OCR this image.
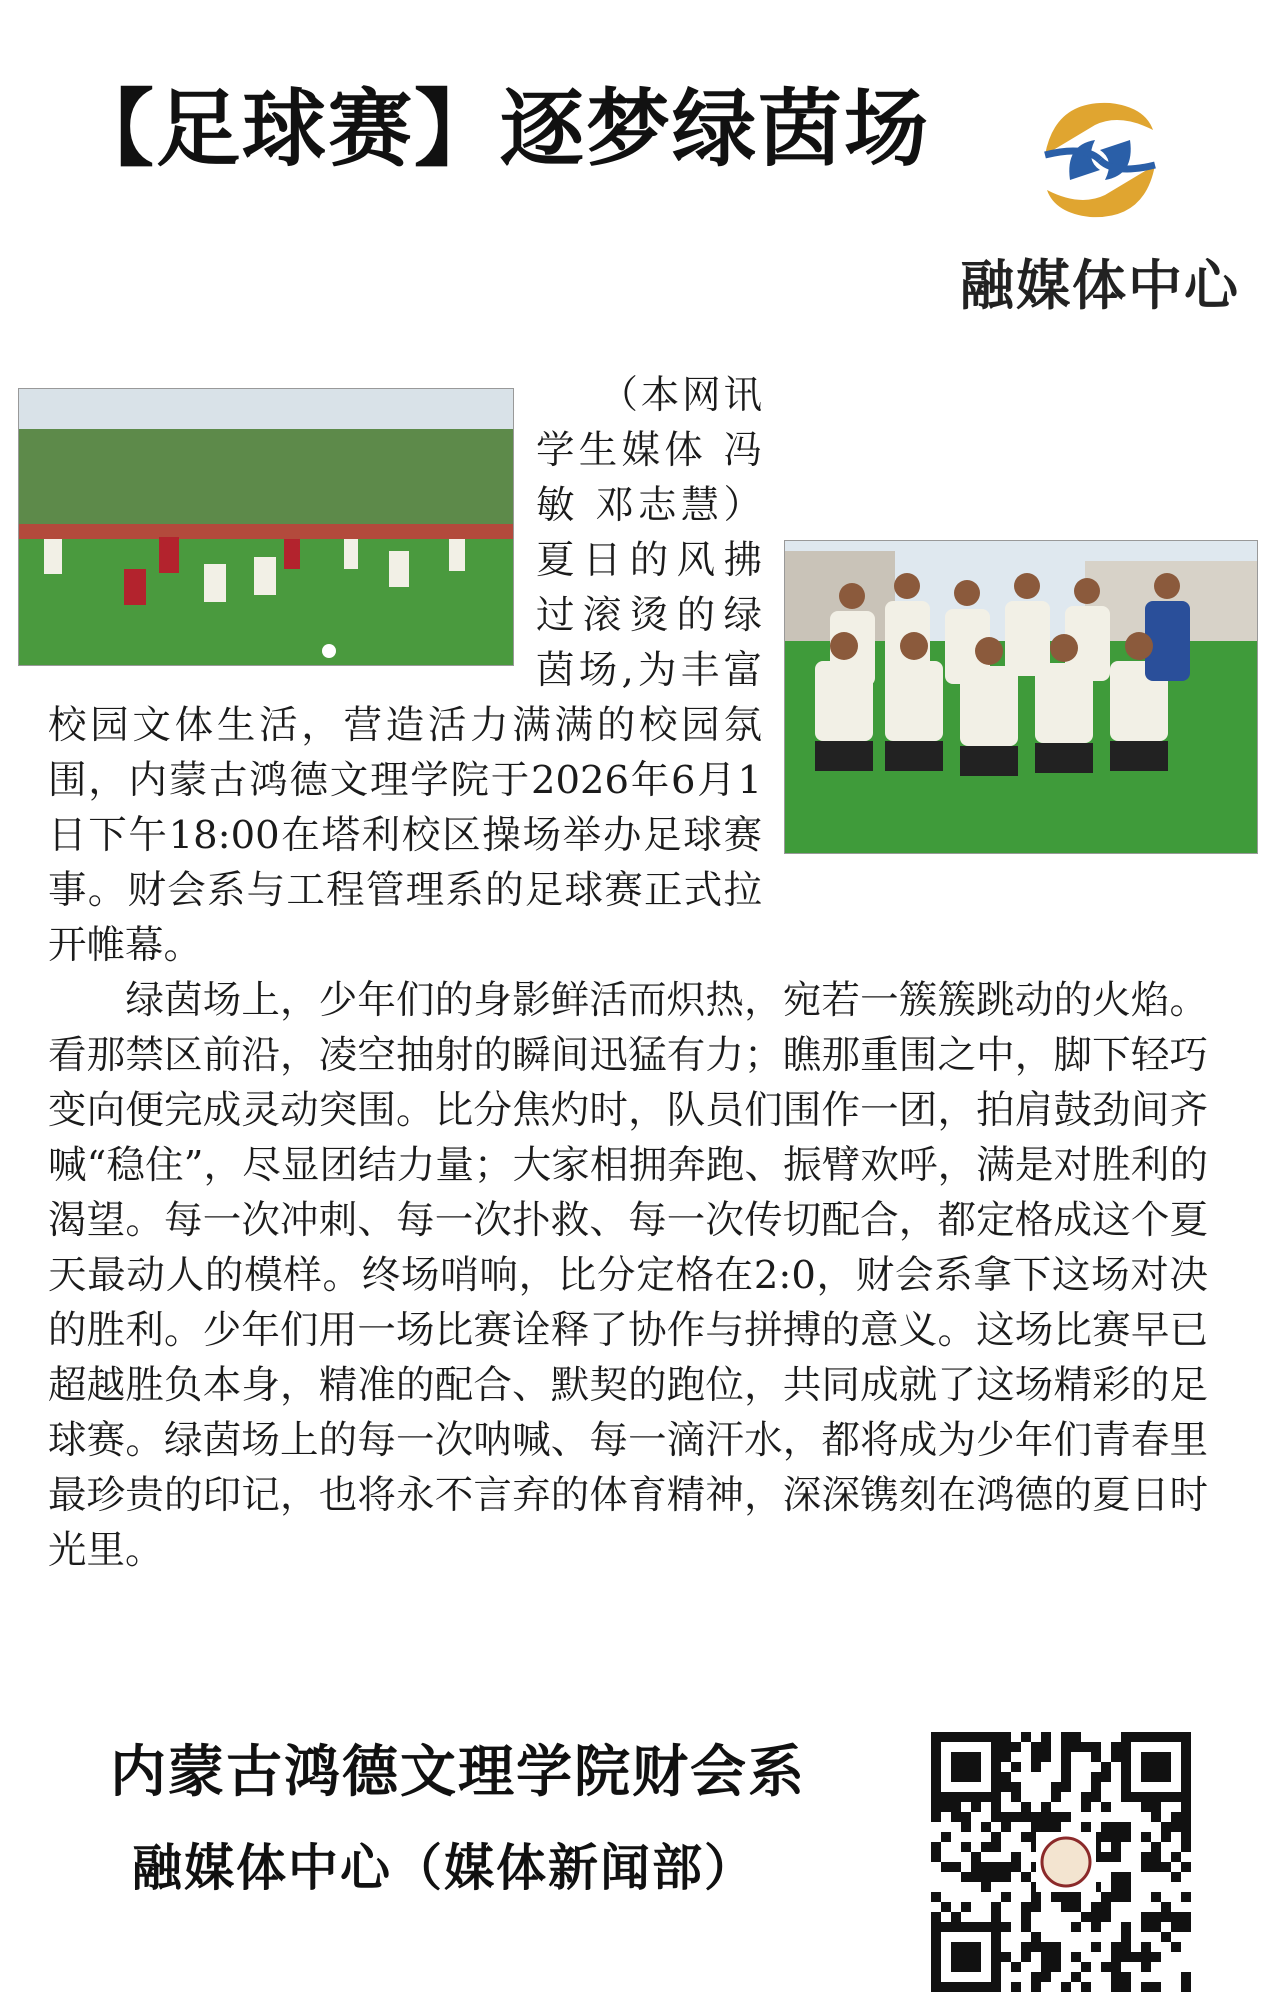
【足球赛】逐梦绿茵场
融媒体中心
　　（本网讯 学生媒体 冯敏 邓志慧）夏日的风拂过滚烫的绿茵场,为丰富校园文体生活，营造活力满满的校园氛围，内蒙古鸿德文理学院于2026年6月1日下午18:00在塔利校区操场举办足球赛事。财会系与工程管理系的足球赛正式拉开帷幕。
　　绿茵场上，少年们的身影鲜活而炽热，宛若一簇簇跳动的火焰。看那禁区前沿，凌空抽射的瞬间迅猛有力；瞧那重围之中，脚下轻巧变向便完成灵动突围。比分焦灼时，队员们围作一团，拍肩鼓劲间齐喊“稳住”，尽显团结力量；大家相拥奔跑、振臂欢呼，满是对胜利的渴望。每一次冲刺、每一次扑救、每一次传切配合，都定格成这个夏天最动人的模样。终场哨响，比分定格在2:0，财会系拿下这场对决的胜利。少年们用一场比赛诠释了协作与拼搏的意义。这场比赛早已超越胜负本身，精准的配合、默契的跑位，共同成就了这场精彩的足球赛。绿茵场上的每一次呐喊、每一滴汗水，都将成为少年们青春里最珍贵的印记，也将永不言弃的体育精神，深深镌刻在鸿德的夏日时光里。
内蒙古鸿德文理学院财会系
融媒体中心（媒体新闻部）
